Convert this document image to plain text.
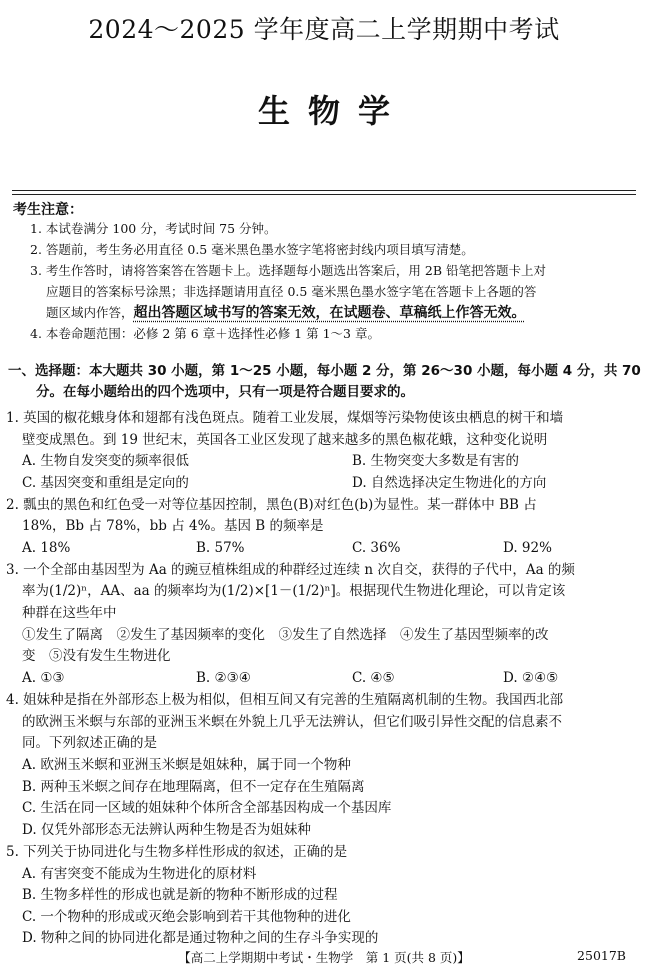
2024～2025 学年度高二上学期期中考试
生物学
考生注意：
1. 本试卷满分 100 分，考试时间 75 分钟。
2. 答题前，考生务必用直径 0.5 毫米黑色墨水签字笔将密封线内项目填写清楚。
3. 考生作答时，请将答案答在答题卡上。选择题每小题选出答案后，用 2B 铅笔把答题卡上对
应题目的答案标号涂黑；非选择题请用直径 0.5 毫米黑色墨水签字笔在答题卡上各题的答
题区域内作答，超出答题区域书写的答案无效，在试题卷、草稿纸上作答无效。
4. 本卷命题范围：必修 2 第 6 章＋选择性必修 1 第 1～3 章。
一、选择题：本大题共 30 小题，第 1～25 小题，每小题 2 分，第 26～30 小题，每小题 4 分，共 70
分。在每小题给出的四个选项中，只有一项是符合题目要求的。
1. 英国的椒花蛾身体和翅都有浅色斑点。随着工业发展，煤烟等污染物使该虫栖息的树干和墙
壁变成黑色。到 19 世纪末，英国各工业区发现了越来越多的黑色椒花蛾，这种变化说明
A. 生物自发突变的频率很低	B. 生物突变大多数是有害的
C. 基因突变和重组是定向的	D. 自然选择决定生物进化的方向
2. 瓢虫的黑色和红色受一对等位基因控制，黑色(B)对红色(b)为显性。某一群体中 BB 占
18%，Bb 占 78%，bb 占 4%。基因 B 的频率是
A. 18%	B. 57%	C. 36%	D. 92%
3. 一个全部由基因型为 Aa 的豌豆植株组成的种群经过连续 n 次自交，获得的子代中，Aa 的频
率为(1/2)ⁿ，AA、aa 的频率均为(1/2)×[1－(1/2)ⁿ]。根据现代生物进化理论，可以肯定该
种群在这些年中
①发生了隔离　②发生了基因频率的变化　③发生了自然选择　④发生了基因型频率的改
变　⑤没有发生生物进化
A. ①③	B. ②③④	C. ④⑤	D. ②④⑤
4. 姐妹种是指在外部形态上极为相似，但相互间又有完善的生殖隔离机制的生物。我国西北部
的欧洲玉米螟与东部的亚洲玉米螟在外貌上几乎无法辨认，但它们吸引异性交配的信息素不
同。下列叙述正确的是
A. 欧洲玉米螟和亚洲玉米螟是姐妹种，属于同一个物种
B. 两种玉米螟之间存在地理隔离，但不一定存在生殖隔离
C. 生活在同一区域的姐妹种个体所含全部基因构成一个基因库
D. 仅凭外部形态无法辨认两种生物是否为姐妹种
5. 下列关于协同进化与生物多样性形成的叙述，正确的是
A. 有害突变不能成为生物进化的原材料
B. 生物多样性的形成也就是新的物种不断形成的过程
C. 一个物种的形成或灭绝会影响到若干其他物种的进化
D. 物种之间的协同进化都是通过物种之间的生存斗争实现的
【高二上学期期中考试・生物学　第 1 页(共 8 页)】	25017B
